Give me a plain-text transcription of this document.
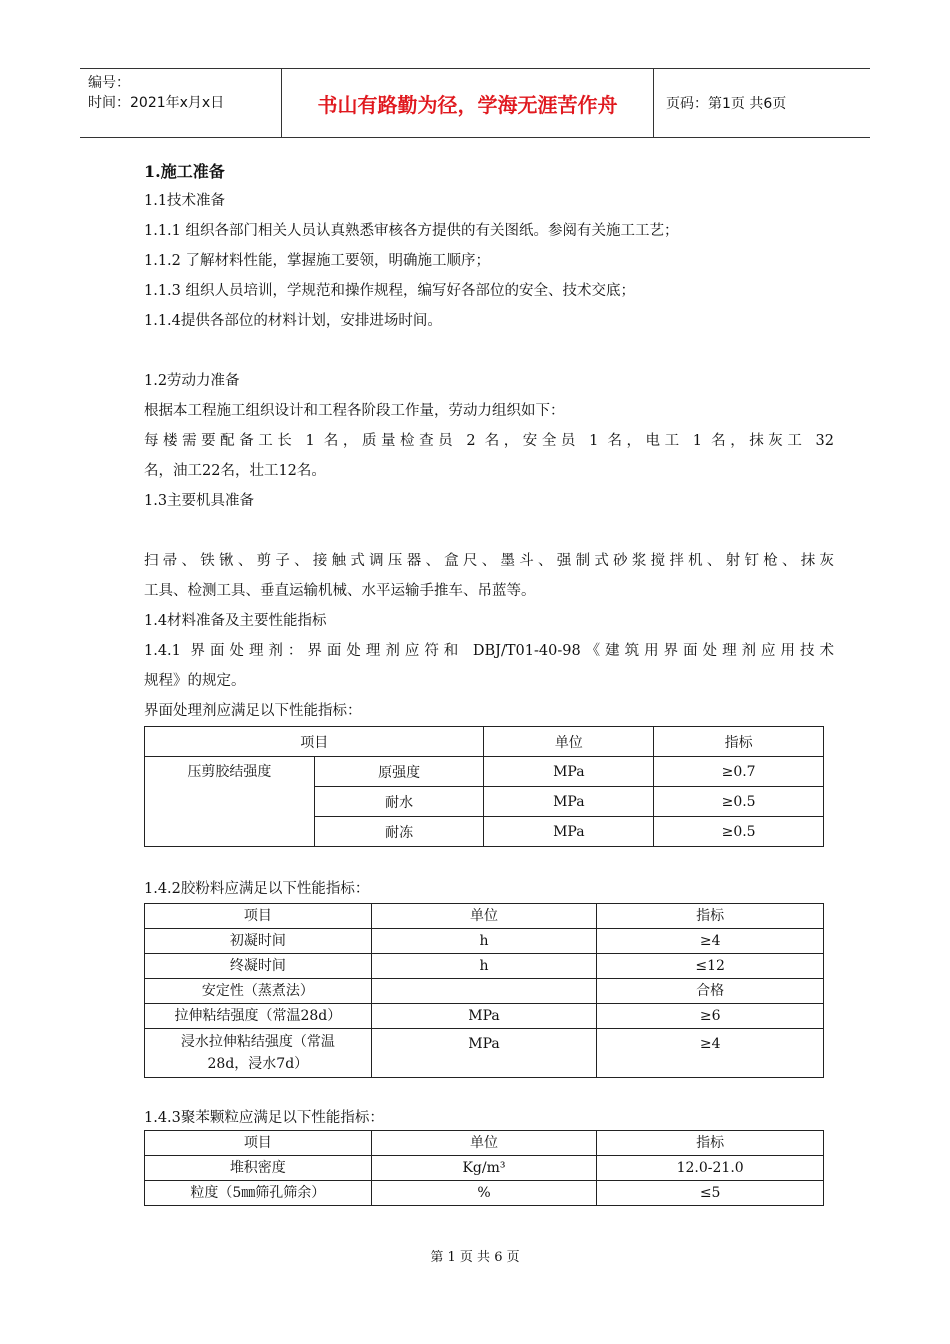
编号：
时间：2021年x月x日	书山有路勤为径，学海无涯苦作舟	页码：第1页 共6页
1.施工准备
1.1技术准备
1.1.1 组织各部门相关人员认真熟悉审核各方提供的有关图纸。参阅有关施工工艺；
1.1.2 了解材料性能，掌握施工要领，明确施工顺序；
1.1.3 组织人员培训，学规范和操作规程，编写好各部位的安全、技术交底；
1.1.4提供各部位的材料计划，安排进场时间。
1.2劳动力准备
根据本工程施工组织设计和工程各阶段工作量，劳动力组织如下：
每楼需要配备工长 1 名，质量检查员 2 名，安全员 1 名，电工 1 名，抹灰工 32
名，油工22名，壮工12名。
1.3主要机具准备
扫帚、铁锹、剪子、接触式调压器、盒尺、墨斗、强制式砂浆搅拌机、射钉枪、抹灰
工具、检测工具、垂直运输机械、水平运输手推车、吊蓝等。
1.4材料准备及主要性能指标
1.4.1 界面处理剂：界面处理剂应符和 DBJ/T01-40-98《建筑用界面处理剂应用技术
规程》的规定。
界面处理剂应满足以下性能指标：
项目		单位	指标
压剪胶结强度	原强度	MPa	≥0.7
	耐水	MPa	≥0.5
	耐冻	MPa	≥0.5
1.4.2胶粉料应满足以下性能指标：
项目	单位	指标
初凝时间	h	≥4
终凝时间	h	≤12
安定性（蒸煮法）		合格
拉伸粘结强度（常温28d）	MPa	≥6
浸水拉伸粘结强度（常温28d，浸水7d）	MPa	≥4
1.4.3聚苯颗粒应满足以下性能指标：
项目	单位	指标
堆积密度	Kg/m³	12.0-21.0
粒度（5㎜筛孔筛余）	%	≤5
第 1 页 共 6 页
